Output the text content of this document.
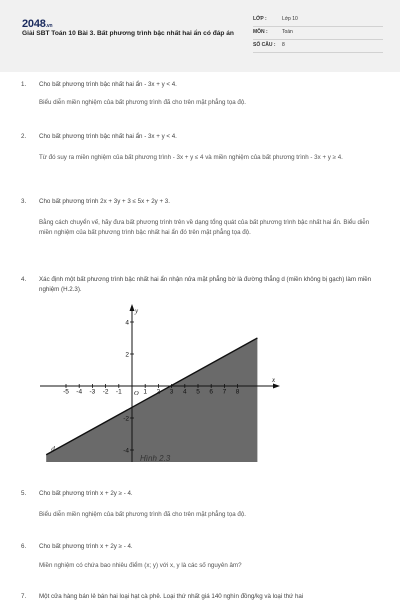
2048.vn
Giải SBT Toán 10 Bài 3. Bất phương trình bậc nhất hai ẩn có đáp án
LỚP :	Lớp 10
MÔN :	Toán
SỐ CÂU :	8
1. Cho bất phương trình bậc nhất hai ẩn - 3x + y < 4.
Biểu diễn miền nghiệm của bất phương trình đã cho trên mặt phẳng tọa độ.
2. Cho bất phương trình bậc nhất hai ẩn - 3x + y < 4.
Từ đó suy ra miền nghiệm của bất phương trình - 3x + y ≤ 4 và miền nghiệm của bất phương trình - 3x + y ≥ 4.
3. Cho bất phương trình 2x + 3y + 3 ≤ 5x + 2y + 3.
Bằng cách chuyển vế, hãy đưa bất phương trình trên về dạng tổng quát của bất phương trình bậc nhất hai ẩn. Biểu diễn miền nghiệm của bất phương trình bậc nhất hai ẩn đó trên mặt phẳng tọa độ.
4. Xác định một bất phương trình bậc nhất hai ẩn nhận nửa mặt phẳng bờ là đường thẳng d (miền không bị gạch) làm miền nghiệm (H.2.3).
5. Cho bất phương trình x + 2y ≥ - 4.
Biểu diễn miền nghiệm của bất phương trình đã cho trên mặt phẳng tọa độ.
6. Cho bất phương trình x + 2y ≥ - 4.
Miền nghiệm có chứa bao nhiêu điểm (x; y) với x, y là các số nguyên âm?
7. Một cửa hàng bán lẻ bán hai loại hạt cà phê. Loại thứ nhất giá 140 nghìn đồng/kg và loại thứ hai
x
y
O
d
-5 -4 -3 -2 -1	1 2 3 4 5 6 7 8
4
2
-2
-4
Hình 2.3
